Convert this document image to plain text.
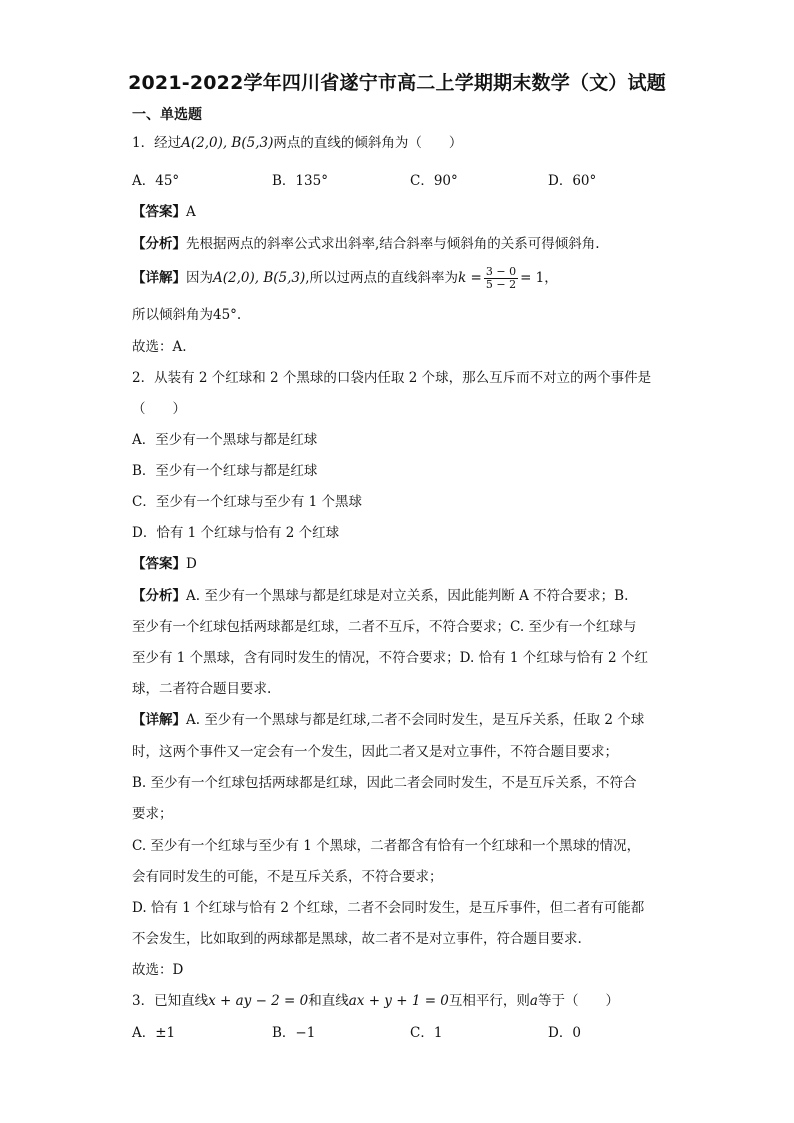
2021-2022学年四川省遂宁市高二上学期期末数学（文）试题
一、单选题
1．经过A(2,0), B(5,3)两点的直线的倾斜角为（　　）
A．45°	B．135°	C．90°	D．60°
【答案】A
【分析】先根据两点的斜率公式求出斜率,结合斜率与倾斜角的关系可得倾斜角.
【详解】因为A(2,0), B(5,3),所以过两点的直线斜率为$k = \frac{3 - 0}{5 - 2} = 1$，
所以倾斜角为45°.
故选：A.
2．从装有 2 个红球和 2 个黑球的口袋内任取 2 个球，那么互斥而不对立的两个事件是
（　　）
A．至少有一个黑球与都是红球
B．至少有一个红球与都是红球
C．至少有一个红球与至少有 1 个黑球
D．恰有 1 个红球与恰有 2 个红球
【答案】D
【分析】A. 至少有一个黑球与都是红球是对立关系，因此能判断 A 不符合要求；B.
至少有一个红球包括两球都是红球，二者不互斥，不符合要求；C. 至少有一个红球与
至少有 1 个黑球，含有同时发生的情况，不符合要求；D. 恰有 1 个红球与恰有 2 个红
球，二者符合题目要求.
【详解】A. 至少有一个黑球与都是红球,二者不会同时发生，是互斥关系，任取 2 个球
时，这两个事件又一定会有一个发生，因此二者又是对立事件，不符合题目要求；
B. 至少有一个红球包括两球都是红球，因此二者会同时发生，不是互斥关系，不符合
要求；
C. 至少有一个红球与至少有 1 个黑球，二者都含有恰有一个红球和一个黑球的情况，
会有同时发生的可能，不是互斥关系，不符合要求；
D. 恰有 1 个红球与恰有 2 个红球，二者不会同时发生，是互斥事件，但二者有可能都
不会发生，比如取到的两球都是黑球，故二者不是对立事件，符合题目要求.
故选：D
3．已知直线x + ay − 2 = 0和直线ax + y + 1 = 0互相平行，则a等于（　　）
A．±1	B．−1	C．1	D．0
